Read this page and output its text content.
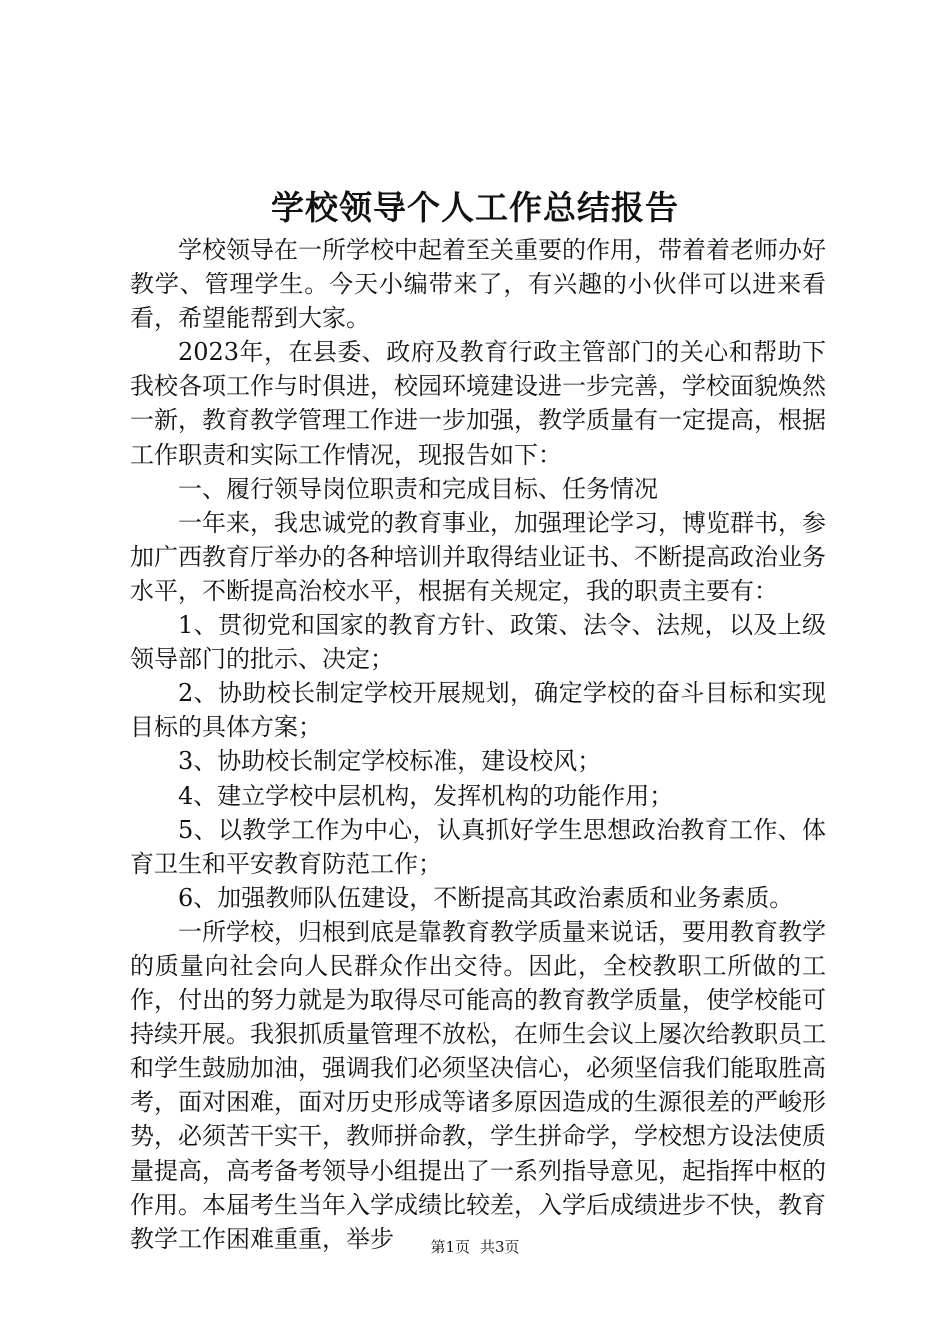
学校领导个人工作总结报告

学校领导在一所学校中起着至关重要的作用，带着着老师办好教学、管理学生。今天小编带来了，有兴趣的小伙伴可以进来看看，希望能帮到大家。

2023年，在县委、政府及教育行政主管部门的关心和帮助下我校各项工作与时俱进，校园环境建设进一步完善，学校面貌焕然一新，教育教学管理工作进一步加强，教学质量有一定提高，根据工作职责和实际工作情况，现报告如下：

一、履行领导岗位职责和完成目标、任务情况

一年来，我忠诚党的教育事业，加强理论学习，博览群书，参加广西教育厅举办的各种培训并取得结业证书、不断提高政治业务水平，不断提高治校水平，根据有关规定，我的职责主要有：

1、贯彻党和国家的教育方针、政策、法令、法规，以及上级领导部门的批示、决定；

2、协助校长制定学校开展规划，确定学校的奋斗目标和实现目标的具体方案；

3、协助校长制定学校标准，建设校风；

4、建立学校中层机构，发挥机构的功能作用；

5、以教学工作为中心，认真抓好学生思想政治教育工作、体育卫生和平安教育防范工作；

6、加强教师队伍建设，不断提高其政治素质和业务素质。

一所学校，归根到底是靠教育教学质量来说话，要用教育教学的质量向社会向人民群众作出交待。因此，全校教职工所做的工作，付出的努力就是为取得尽可能高的教育教学质量，使学校能可持续开展。我狠抓质量管理不放松，在师生会议上屡次给教职员工和学生鼓励加油，强调我们必须坚决信心，必须坚信我们能取胜高考，面对困难，面对历史形成等诸多原因造成的生源很差的严峻形势，必须苦干实干，教师拼命教，学生拼命学，学校想方设法使质量提高，高考备考领导小组提出了一系列指导意见，起指挥中枢的作用。本届考生当年入学成绩比较差，入学后成绩进步不快，教育教学工作困难重重，举步	第1页 共3页
